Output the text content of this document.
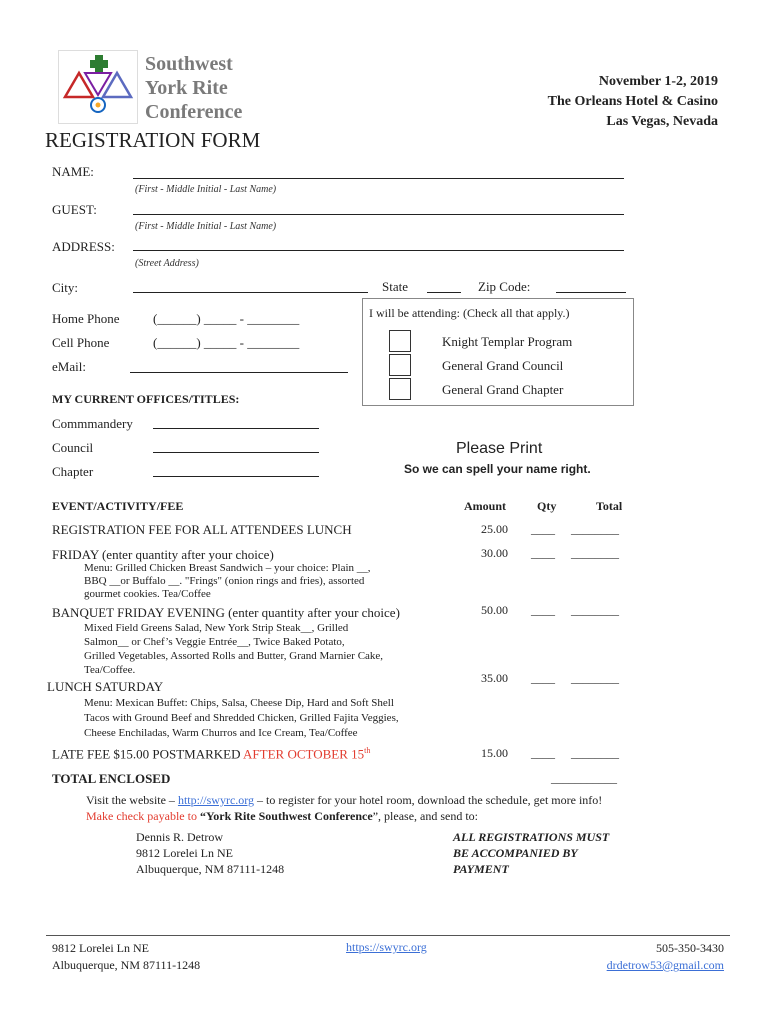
Southwest
York Rite
Conference
November 1-2, 2019
The Orleans Hotel & Casino
Las Vegas, Nevada
REGISTRATION FORM
NAME:
(First - Middle Initial - Last Name)
GUEST:
(First - Middle Initial - Last Name)
ADDRESS:
(Street Address)
City:	State	Zip Code:
Home Phone	(______) _____ - ________
Cell Phone	(______) _____ - ________
eMail:
I will be attending: (Check all that apply.)
Knight Templar Program
General Grand Council
General Grand Chapter
MY CURRENT OFFICES/TITLES:
Commmandery
Council
Chapter
Please Print
So we can spell your name right.
EVENT/ACTIVITY/FEE	Amount	Qty	Total
REGISTRATION FEE FOR ALL ATTENDEES LUNCH	25.00 ____ ________
FRIDAY (enter quantity after your choice)
Menu: Grilled Chicken Breast Sandwich – your choice: Plain __,
BBQ __or Buffalo __. "Frings" (onion rings and fries), assorted
gourmet cookies. Tea/Coffee
30.00 ____ ________
BANQUET FRIDAY EVENING (enter quantity after your choice)
Mixed Field Greens Salad, New York Strip Steak__, Grilled
Salmon__ or Chef’s Veggie Entrée__, Twice Baked Potato,
Grilled Vegetables, Assorted Rolls and Butter, Grand Marnier Cake,
Tea/Coffee.
50.00 ____ ________
LUNCH SATURDAY
Menu: Mexican Buffet: Chips, Salsa, Cheese Dip, Hard and Soft Shell
Tacos with Ground Beef and Shredded Chicken, Grilled Fajita Veggies,
Cheese Enchiladas, Warm Churros and Ice Cream, Tea/Coffee
35.00 ____ ________
LATE FEE $15.00 POSTMARKED AFTER OCTOBER 15th	15.00 ____ ________
TOTAL ENCLOSED	___________
Visit the website – http://swyrc.org – to register for your hotel room, download the schedule, get more info!
Make check payable to “York Rite Southwest Conference”, please, and send to:
Dennis R. Detrow
9812 Lorelei Ln NE
Albuquerque, NM 87111-1248
ALL REGISTRATIONS MUST
BE ACCOMPANIED BY
PAYMENT
9812 Lorelei Ln NE
Albuquerque, NM 87111-1248
https://swyrc.org	505-350-3430
drdetrow53@gmail.com
